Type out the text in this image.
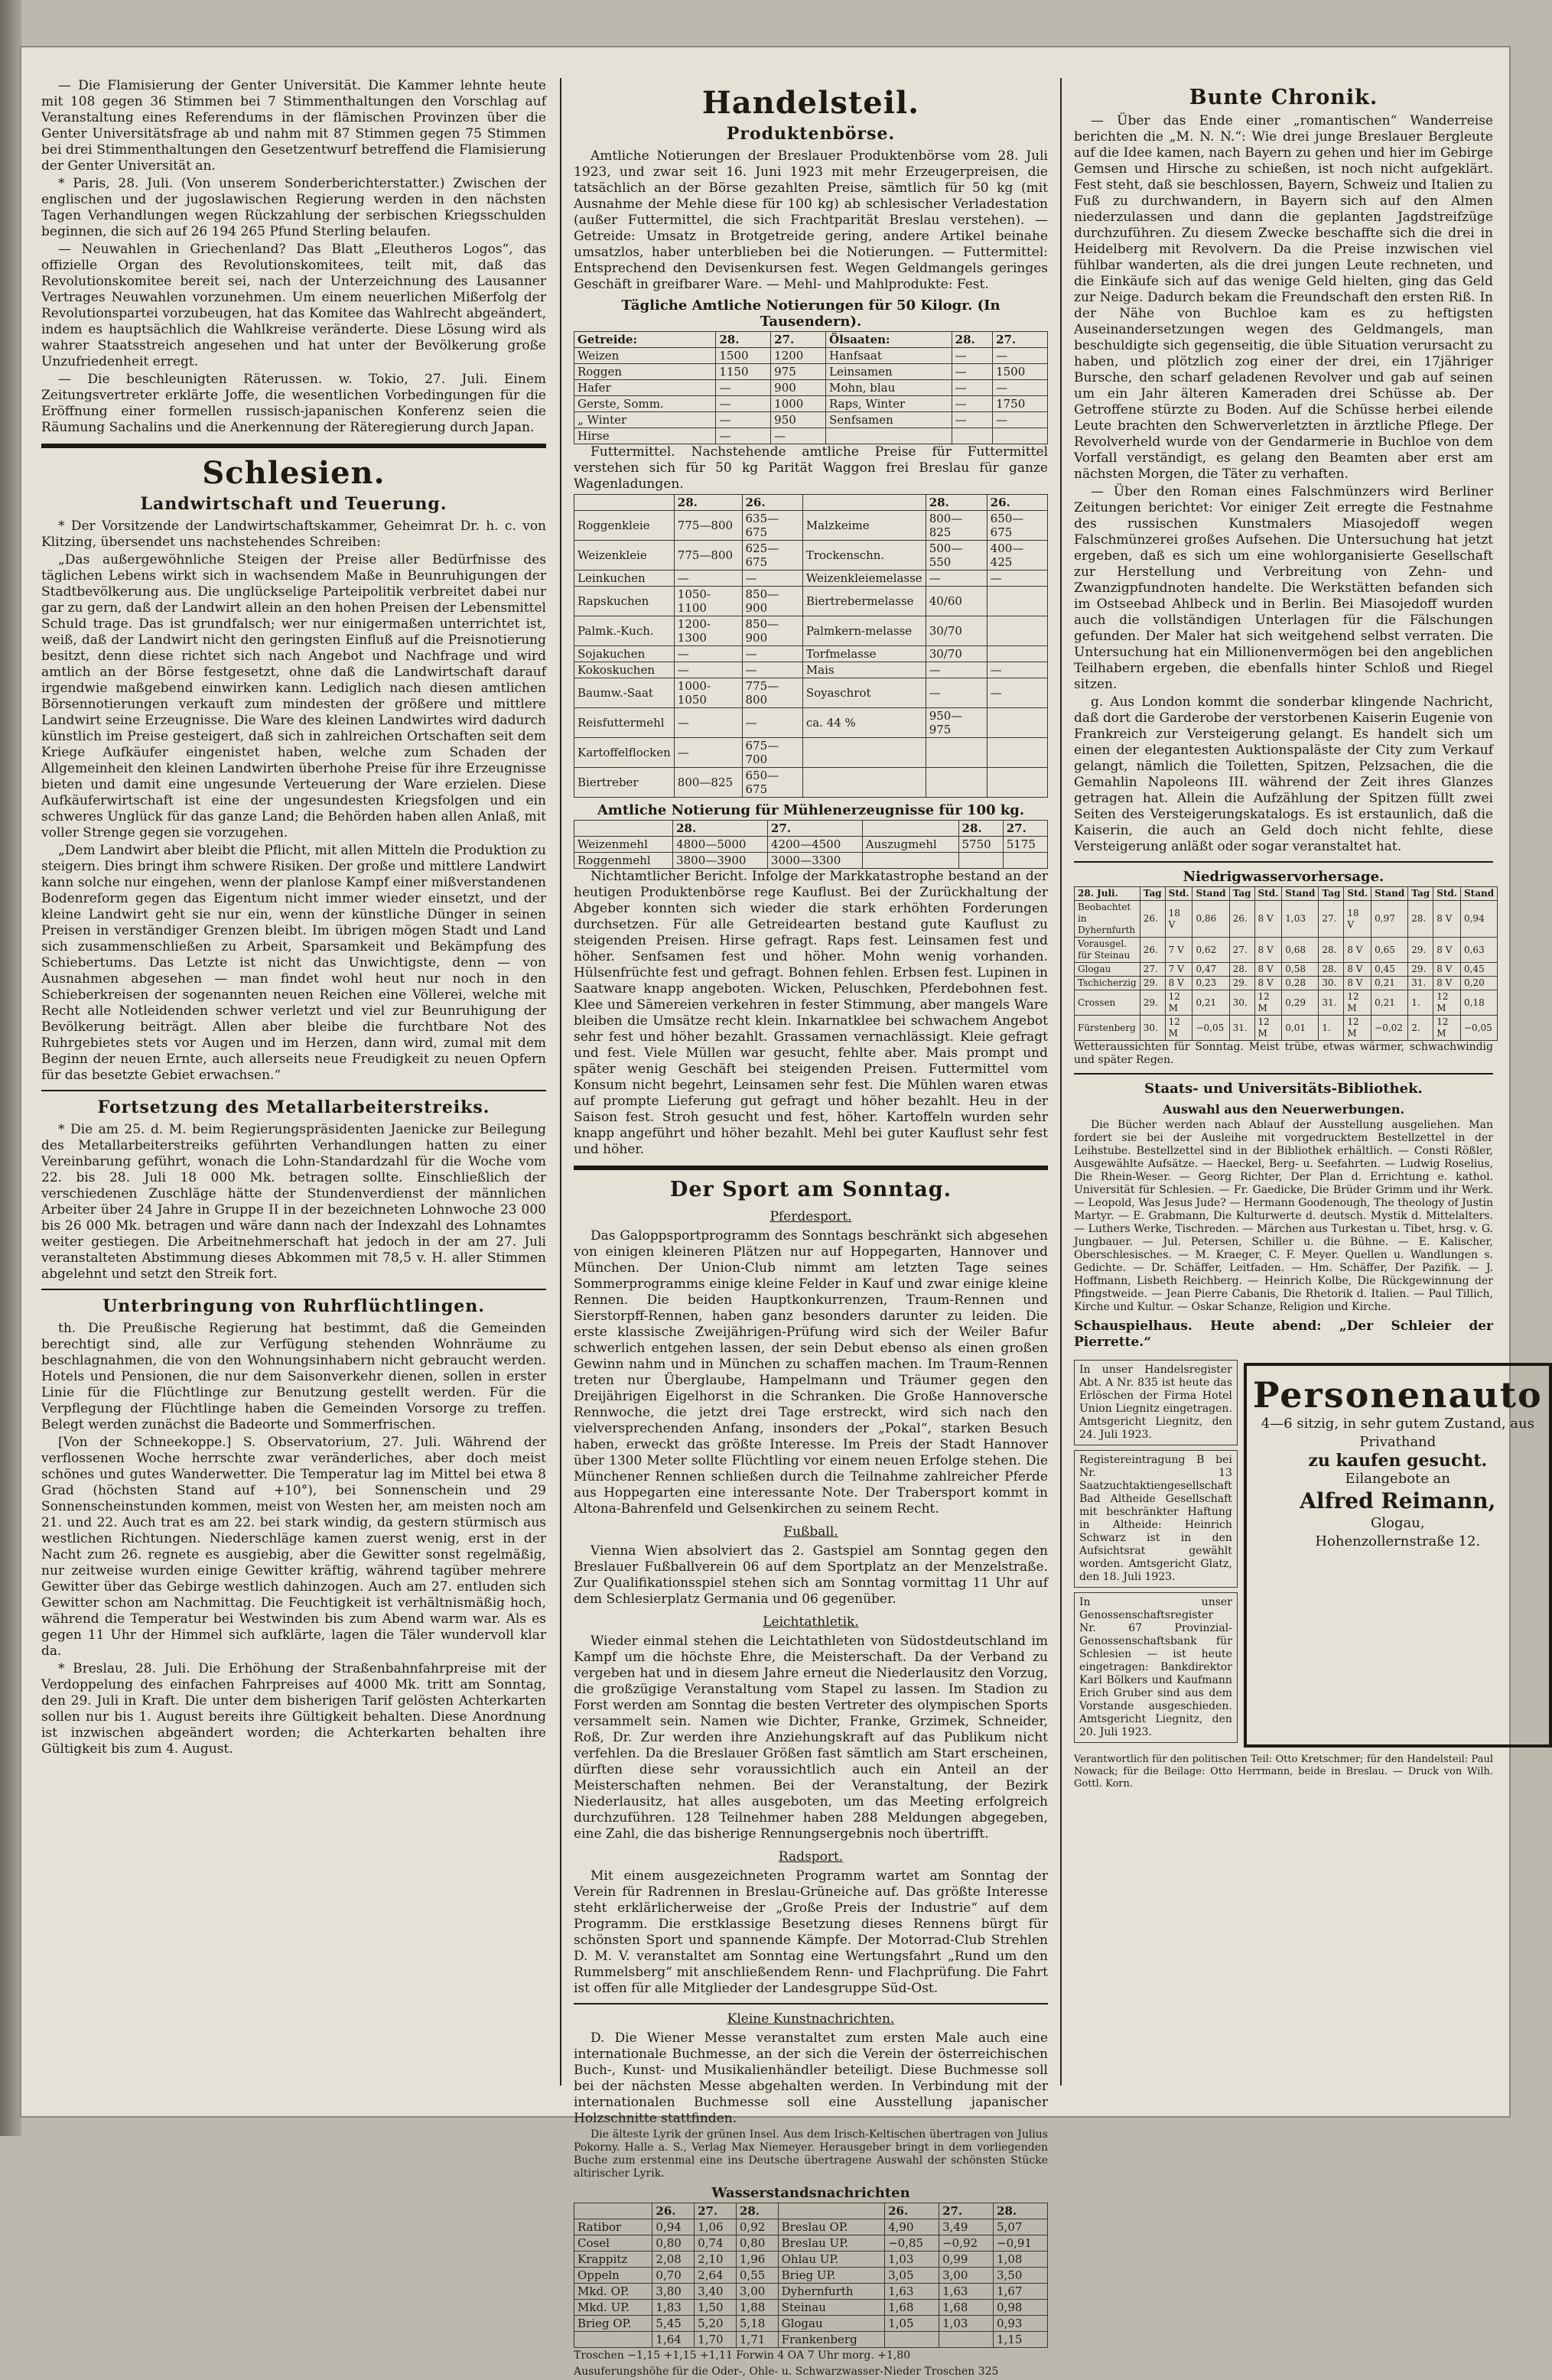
— Die Flamisierung der Genter Universität. Die Kammer lehnte heute mit 108 gegen 36 Stimmen bei 7 Stimmenthaltungen den Vorschlag auf Veranstaltung eines Referendums in der flämischen Provinzen über die Genter Universitätsfrage ab und nahm mit 87 Stimmen gegen 75 Stimmen bei drei Stimmenthaltungen den Gesetzentwurf betreffend die Flamisierung der Genter Universität an.

* Paris, 28. Juli. (Von unserem Sonderberichterstatter.) Zwischen der englischen und der jugoslawischen Regierung werden in den nächsten Tagen Verhandlungen wegen Rückzahlung der serbischen Kriegsschulden beginnen, die sich auf 26 194 265 Pfund Sterling belaufen.

— Neuwahlen in Griechenland? Das Blatt „Eleutheros Logos“, das offizielle Organ des Revolutionskomitees, teilt mit, daß das Revolutionskomitee bereit sei, nach der Unterzeichnung des Lausanner Vertrages Neuwahlen vorzunehmen. Um einem neuerlichen Mißerfolg der Revolutionspartei vorzubeugen, hat das Komitee das Wahlrecht abgeändert, indem es hauptsächlich die Wahlkreise veränderte. Diese Lösung wird als wahrer Staatsstreich angesehen und hat unter der Bevölkerung große Unzufriedenheit erregt.

— Die beschleunigten Räterussen. w. Tokio, 27. Juli. Einem Zeitungsvertreter erklärte Joffe, die wesentlichen Vorbedingungen für die Eröffnung einer formellen russisch-japanischen Konferenz seien die Räumung Sachalins und die Anerkennung der Räteregierung durch Japan.

Schlesien.
Landwirtschaft und Teuerung.

* Der Vorsitzende der Landwirtschaftskammer, Geheimrat Dr. h. c. von Klitzing, übersendet uns nachstehendes Schreiben:

„Das außergewöhnliche Steigen der Preise aller Bedürfnisse des täglichen Lebens wirkt sich in wachsendem Maße in Beunruhigungen der Stadtbevölkerung aus. Die unglückselige Parteipolitik verbreitet dabei nur gar zu gern, daß der Landwirt allein an den hohen Preisen der Lebensmittel Schuld trage. Das ist grundfalsch; wer nur einigermaßen unterrichtet ist, weiß, daß der Landwirt nicht den geringsten Einfluß auf die Preisnotierung besitzt, denn diese richtet sich nach Angebot und Nachfrage und wird amtlich an der Börse festgesetzt, ohne daß die Landwirtschaft darauf irgendwie maßgebend einwirken kann. Lediglich nach diesen amtlichen Börsennotierungen verkauft zum mindesten der größere und mittlere Landwirt seine Erzeugnisse. Die Ware des kleinen Landwirtes wird dadurch künstlich im Preise gesteigert, daß sich in zahlreichen Ortschaften seit dem Kriege Aufkäufer eingenistet haben, welche zum Schaden der Allgemeinheit den kleinen Landwirten überhohe Preise für ihre Erzeugnisse bieten und damit eine ungesunde Verteuerung der Ware erzielen. Diese Aufkäuferwirtschaft ist eine der ungesundesten Kriegsfolgen und ein schweres Unglück für das ganze Land; die Behörden haben allen Anlaß, mit voller Strenge gegen sie vorzugehen.

„Dem Landwirt aber bleibt die Pflicht, mit allen Mitteln die Produktion zu steigern. Dies bringt ihm schwere Risiken. Der große und mittlere Landwirt kann solche nur eingehen, wenn der planlose Kampf einer mißverstandenen Bodenreform gegen das Eigentum nicht immer wieder einsetzt, und der kleine Landwirt geht sie nur ein, wenn der künstliche Dünger in seinen Preisen in verständiger Grenzen bleibt. Im übrigen mögen Stadt und Land sich zusammenschließen zu Arbeit, Sparsamkeit und Bekämpfung des Schiebertums. Das Letzte ist nicht das Unwichtigste, denn — von Ausnahmen abgesehen — man findet wohl heut nur noch in den Schieberkreisen der sogenannten neuen Reichen eine Völlerei, welche mit Recht alle Notleidenden schwer verletzt und viel zur Beunruhigung der Bevölkerung beiträgt. Allen aber bleibe die furchtbare Not des Ruhrgebietes stets vor Augen und im Herzen, dann wird, zumal mit dem Beginn der neuen Ernte, auch allerseits neue Freudigkeit zu neuen Opfern für das besetzte Gebiet erwachsen.“

Fortsetzung des Metallarbeiterstreiks.

* Die am 25. d. M. beim Regierungspräsidenten Jaenicke zur Beilegung des Metallarbeiterstreiks geführten Verhandlungen hatten zu einer Vereinbarung geführt, wonach die Lohn-Standardzahl für die Woche vom 22. bis 28. Juli 18 000 Mk. betragen sollte. Einschließlich der verschiedenen Zuschläge hätte der Stundenverdienst der männlichen Arbeiter über 24 Jahre in Gruppe II in der bezeichneten Lohnwoche 23 000 bis 26 000 Mk. betragen und wäre dann nach der Indexzahl des Lohnamtes weiter gestiegen. Die Arbeitnehmerschaft hat jedoch in der am 27. Juli veranstalteten Abstimmung dieses Abkommen mit 78,5 v. H. aller Stimmen abgelehnt und setzt den Streik fort.

Unterbringung von Ruhrflüchtlingen.

th. Die Preußische Regierung hat bestimmt, daß die Gemeinden berechtigt sind, alle zur Verfügung stehenden Wohnräume zu beschlagnahmen, die von den Wohnungsinhabern nicht gebraucht werden. Hotels und Pensionen, die nur dem Saisonverkehr dienen, sollen in erster Linie für die Flüchtlinge zur Benutzung gestellt werden. Für die Verpflegung der Flüchtlinge haben die Gemeinden Vorsorge zu treffen. Belegt werden zunächst die Badeorte und Sommerfrischen.

[Von der Schneekoppe.] S. Observatorium, 27. Juli. Während der verflossenen Woche herrschte zwar veränderliches, aber doch meist schönes und gutes Wanderwetter. Die Temperatur lag im Mittel bei etwa 8 Grad (höchsten Stand auf +10°), bei Sonnenschein und 29 Sonnenscheinstunden kommen, meist von Westen her, am meisten noch am 21. und 22. Auch trat es am 22. bei stark windig, da gestern stürmisch aus westlichen Richtungen. Niederschläge kamen zuerst wenig, erst in der Nacht zum 26. regnete es ausgiebig, aber die Gewitter sonst regelmäßig, nur zeitweise wurden einige Gewitter kräftig, während tagüber mehrere Gewitter über das Gebirge westlich dahinzogen. Auch am 27. entluden sich Gewitter schon am Nachmittag. Die Feuchtigkeit ist verhältnismäßig hoch, während die Temperatur bei Westwinden bis zum Abend warm war. Als es gegen 11 Uhr der Himmel sich aufklärte, lagen die Täler wundervoll klar da.

* Breslau, 28. Juli. Die Erhöhung der Straßenbahnfahrpreise mit der Verdoppelung des einfachen Fahrpreises auf 4000 Mk. tritt am Sonntag, den 29. Juli in Kraft. Die unter dem bisherigen Tarif gelösten Achterkarten sollen nur bis 1. August bereits ihre Gültigkeit behalten. Diese Anordnung ist inzwischen abgeändert worden; die Achterkarten behalten ihre Gültigkeit bis zum 4. August.

Handelsteil.
Produktenbörse.

Amtliche Notierungen der Breslauer Produktenbörse vom 28. Juli 1923, und zwar seit 16. Juni 1923 mit mehr Erzeugerpreisen, die tatsächlich an der Börse gezahlten Preise, sämtlich für 50 kg (mit Ausnahme der Mehle diese für 100 kg) ab schlesischer Verladestation (außer Futtermittel, die sich Frachtparität Breslau verstehen). — Getreide: Umsatz in Brotgetreide gering, andere Artikel beinahe umsatzlos, haber unterblieben bei die Notierungen. — Futtermittel: Entsprechend den Devisenkursen fest. Wegen Geldmangels geringes Geschäft in greifbarer Ware. — Mehl- und Mahlprodukte: Fest.

Tägliche Amtliche Notierungen für 50 Kilogr. (In Tausendern).
Getreide:	28.	27.	Ölsaaten:	28.	27.
Weizen	1500	1200	Hanfsaat	—	—
Roggen	1150	975	Leinsamen	—	1500
Hafer	—	900	Mohn, blau	—	—
Gerste, Somm.	—	1000	Raps, Winter	—	1750
„ Winter	—	950	Senfsamen	—	—
Hirse	—	—			

Futtermittel. Nachstehende amtliche Preise für Futtermittel verstehen sich für 50 kg Parität Waggon frei Breslau für ganze Wagenladungen.

	28.	26.		28.	26.
Roggenkleie	775—800	635—675	Malzkeime	800—825	650—675
Weizenkleie	775—800	625—675	Trockenschn.	500—550	400—425
Leinkuchen	—	—	Weizenkleiemelasse	—	—
Rapskuchen	1050-1100	850—900	Biertrebermelasse	40/60	
Palmk.-Kuch.	1200-1300	850—900	Palmkern-melasse	30/70	
Sojakuchen	—	—	Torfmelasse	30/70	
Kokoskuchen	—	—	Mais	—	—
Baumw.-Saat	1000-1050	775—800	Soyaschrot	—	—
Reisfuttermehl	—	—	ca. 44 %	950—975	
Kartoffelflocken	—	675—700			
Biertreber	800—825	650—675			
Amtliche Notierung für Mühlenerzeugnisse für 100 kg.
	28.	27.		28.	27.
Weizenmehl	4800—5000	4200—4500	Auszugmehl	5750	5175
Roggenmehl	3800—3900	3000—3300			

Nichtamtlicher Bericht. Infolge der Markkatastrophe bestand an der heutigen Produktenbörse rege Kauflust. Bei der Zurückhaltung der Abgeber konnten sich wieder die stark erhöhten Forderungen durchsetzen. Für alle Getreidearten bestand gute Kauflust zu steigenden Preisen. Hirse gefragt. Raps fest. Leinsamen fest und höher. Senfsamen fest und höher. Mohn wenig vorhanden. Hülsenfrüchte fest und gefragt. Bohnen fehlen. Erbsen fest. Lupinen in Saatware knapp angeboten. Wicken, Peluschken, Pferdebohnen fest. Klee und Sämereien verkehren in fester Stimmung, aber mangels Ware bleiben die Umsätze recht klein. Inkarnatklee bei schwachem Angebot sehr fest und höher bezahlt. Grassamen vernachlässigt. Kleie gefragt und fest. Viele Müllen war gesucht, fehlte aber. Mais prompt und später wenig Geschäft bei steigenden Preisen. Futtermittel vom Konsum nicht begehrt, Leinsamen sehr fest. Die Mühlen waren etwas auf prompte Lieferung gut gefragt und höher bezahlt. Heu in der Saison fest. Stroh gesucht und fest, höher. Kartoffeln wurden sehr knapp angeführt und höher bezahlt. Mehl bei guter Kauflust sehr fest und höher.

Der Sport am Sonntag.
Pferdesport.

Das Galoppsportprogramm des Sonntags beschränkt sich abgesehen von einigen kleineren Plätzen nur auf Hoppegarten, Hannover und München. Der Union-Club nimmt am letzten Tage seines Sommerprogramms einige kleine Felder in Kauf und zwar einige kleine Rennen. Die beiden Hauptkonkurrenzen, Traum-Rennen und Sierstorpff-Rennen, haben ganz besonders darunter zu leiden. Die erste klassische Zweijährigen-Prüfung wird sich der Weiler Bafur schwerlich entgehen lassen, der sein Debut ebenso als einen großen Gewinn nahm und in München zu schaffen machen. Im Traum-Rennen treten nur Überglaube, Hampelmann und Träumer gegen den Dreijährigen Eigelhorst in die Schranken. Die Große Hannoversche Rennwoche, die jetzt drei Tage erstreckt, wird sich nach den vielversprechenden Anfang, insonders der „Pokal“, starken Besuch haben, erweckt das größte Interesse. Im Preis der Stadt Hannover über 1300 Meter sollte Flüchtling vor einem neuen Erfolge stehen. Die Münchener Rennen schließen durch die Teilnahme zahlreicher Pferde aus Hoppegarten eine interessante Note. Der Trabersport kommt in Altona-Bahrenfeld und Gelsenkirchen zu seinem Recht.

Fußball.

Vienna Wien absolviert das 2. Gastspiel am Sonntag gegen den Breslauer Fußballverein 06 auf dem Sportplatz an der Menzelstraße. Zur Qualifikationsspiel stehen sich am Sonntag vormittag 11 Uhr auf dem Schlesierplatz Germania und 06 gegenüber.

Leichtathletik.

Wieder einmal stehen die Leichtathleten von Südostdeutschland im Kampf um die höchste Ehre, die Meisterschaft. Da der Verband zu vergeben hat und in diesem Jahre erneut die Niederlausitz den Vorzug, die großzügige Veranstaltung vom Stapel zu lassen. Im Stadion zu Forst werden am Sonntag die besten Vertreter des olympischen Sports versammelt sein. Namen wie Dichter, Franke, Grzimek, Schneider, Roß, Dr. Zur werden ihre Anziehungskraft auf das Publikum nicht verfehlen. Da die Breslauer Größen fast sämtlich am Start erscheinen, dürften diese sehr voraussichtlich auch ein Anteil an der Meisterschaften nehmen. Bei der Veranstaltung, der Bezirk Niederlausitz, hat alles ausgeboten, um das Meeting erfolgreich durchzuführen. 128 Teilnehmer haben 288 Meldungen abgegeben, eine Zahl, die das bisherige Rennungsergebnis noch übertrifft.

Radsport.

Mit einem ausgezeichneten Programm wartet am Sonntag der Verein für Radrennen in Breslau-Grüneiche auf. Das größte Interesse steht erklärlicherweise der „Große Preis der Industrie“ auf dem Programm. Die erstklassige Besetzung dieses Rennens bürgt für schönsten Sport und spannende Kämpfe. Der Motorrad-Club Strehlen D. M. V. veranstaltet am Sonntag eine Wertungsfahrt „Rund um den Rummelsberg“ mit anschließendem Renn- und Flachprüfung. Die Fahrt ist offen für alle Mitglieder der Landesgruppe Süd-Ost.

Kleine Kunstnachrichten.

D. Die Wiener Messe veranstaltet zum ersten Male auch eine internationale Buchmesse, an der sich die Verein der österreichischen Buch-, Kunst- und Musikalienhändler beteiligt. Diese Buchmesse soll bei der nächsten Messe abgehalten werden. In Verbindung mit der internationalen Buchmesse soll eine Ausstellung japanischer Holzschnitte stattfinden.

Die älteste Lyrik der grünen Insel. Aus dem Irisch-Keltischen übertragen von Julius Pokorny. Halle a. S., Verlag Max Niemeyer. Herausgeber bringt in dem vorliegenden Buche zum erstenmal eine ins Deutsche übertragene Auswahl der schönsten Stücke altirischer Lyrik.

Wasserstandsnachrichten
	26.	27.	28.		26.	27.	28.
Ratibor	0,94	1,06	0,92	Breslau OP.	4,90	3,49	5,07
Cosel	0,80	0,74	0,80	Breslau UP.	−0,85	−0,92	−0,91
Krappitz	2,08	2,10	1,96	Ohlau UP.	1,03	0,99	1,08
Oppeln	0,70	2,64	0,55	Brieg UP.	3,05	3,00	3,50
Mkd. OP.	3,80	3,40	3,00	Dyhernfurth	1,63	1,63	1,67
Mkd. UP.	1,83	1,50	1,88	Steinau	1,68	1,68	0,98
Brieg OP.	5,45	5,20	5,18	Glogau	1,05	1,03	0,93
	1,64	1,70	1,71	Frankenberg			1,15
Troschen −1,15 +1,15 +1,11 Forwin 4 OA 7 Uhr morg. +1,80
Ausuferungshöhe für die Oder-, Ohle- u. Schwarzwasser-Nieder Troschen 325
Bunte Chronik.

— Über das Ende einer „romantischen“ Wanderreise berichten die „M. N. N.“: Wie drei junge Breslauer Bergleute auf die Idee kamen, nach Bayern zu gehen und hier im Gebirge Gemsen und Hirsche zu schießen, ist noch nicht aufgeklärt. Fest steht, daß sie beschlossen, Bayern, Schweiz und Italien zu Fuß zu durchwandern, in Bayern sich auf den Almen niederzulassen und dann die geplanten Jagdstreifzüge durchzuführen. Zu diesem Zwecke beschaffte sich die drei in Heidelberg mit Revolvern. Da die Preise inzwischen viel fühlbar wanderten, als die drei jungen Leute rechneten, und die Einkäufe sich auf das wenige Geld hielten, ging das Geld zur Neige. Dadurch bekam die Freundschaft den ersten Riß. In der Nähe von Buchloe kam es zu heftigsten Auseinandersetzungen wegen des Geldmangels, man beschuldigte sich gegenseitig, die üble Situation verursacht zu haben, und plötzlich zog einer der drei, ein 17jähriger Bursche, den scharf geladenen Revolver und gab auf seinen um ein Jahr älteren Kameraden drei Schüsse ab. Der Getroffene stürzte zu Boden. Auf die Schüsse herbei eilende Leute brachten den Schwerverletzten in ärztliche Pflege. Der Revolverheld wurde von der Gendarmerie in Buchloe von dem Vorfall verständigt, es gelang den Beamten aber erst am nächsten Morgen, die Täter zu verhaften.

— Über den Roman eines Falschmünzers wird Berliner Zeitungen berichtet: Vor einiger Zeit erregte die Festnahme des russischen Kunstmalers Miasojedoff wegen Falschmünzerei großes Aufsehen. Die Untersuchung hat jetzt ergeben, daß es sich um eine wohlorganisierte Gesellschaft zur Herstellung und Verbreitung von Zehn- und Zwanzigpfundnoten handelte. Die Werkstätten befanden sich im Ostseebad Ahlbeck und in Berlin. Bei Miasojedoff wurden auch die vollständigen Unterlagen für die Fälschungen gefunden. Der Maler hat sich weitgehend selbst verraten. Die Untersuchung hat ein Millionenvermögen bei den angeblichen Teilhabern ergeben, die ebenfalls hinter Schloß und Riegel sitzen.

g. Aus London kommt die sonderbar klingende Nachricht, daß dort die Garderobe der verstorbenen Kaiserin Eugenie von Frankreich zur Versteigerung gelangt. Es handelt sich um einen der elegantesten Auktionspaläste der City zum Verkauf gelangt, nämlich die Toiletten, Spitzen, Pelzsachen, die die Gemahlin Napoleons III. während der Zeit ihres Glanzes getragen hat. Allein die Aufzählung der Spitzen füllt zwei Seiten des Versteigerungskatalogs. Es ist erstaunlich, daß die Kaiserin, die auch an Geld doch nicht fehlte, diese Versteigerung anläßt oder sogar veranstaltet hat.

Niedrigwasservorhersage.
28. Juli.	Tag	Std.	Stand	Tag	Std.	Stand	Tag	Std.	Stand	Tag	Std.	Stand
Beobachtet in Dyhernfurth	26.	18 V	0,86	26.	8 V	1,03	27.	18 V	0,97	28.	8 V	0,94
Vorausgel. für Steinau	26.	7 V	0,62	27.	8 V	0,68	28.	8 V	0,65	29.	8 V	0,63
Glogau	27.	7 V	0,47	28.	8 V	0,58	28.	8 V	0,45	29.	8 V	0,45
Tschicherzig	29.	8 V	0,23	29.	8 V	0,28	30.	8 V	0,21	31.	8 V	0,20
Crossen	29.	12 M	0,21	30.	12 M	0,29	31.	12 M	0,21	1.	12 M	0,18
Fürstenberg	30.	12 M	−0,05	31.	12 M	0,01	1.	12 M	−0,02	2.	12 M	−0,05

Wetteraussichten für Sonntag. Meist trübe, etwas wärmer, schwachwindig und später Regen.

Staats- und Universitäts-Bibliothek.
Auswahl aus den Neuerwerbungen.

Die Bücher werden nach Ablauf der Ausstellung ausgeliehen. Man fordert sie bei der Ausleihe mit vorgedrucktem Bestellzettel in der Leihstube. Bestellzettel sind in der Bibliothek erhältlich. — Consti Rößler, Ausgewählte Aufsätze. — Haeckel, Berg- u. Seefahrten. — Ludwig Roselius, Die Rhein-Weser. — Georg Richter, Der Plan d. Errichtung e. kathol. Universität für Schlesien. — Fr. Gaedicke, Die Brüder Grimm und ihr Werk. — Leopold, Was Jesus Jude? — Hermann Goodenough, The theology of Justin Martyr. — E. Grabmann, Die Kulturwerte d. deutsch. Mystik d. Mittelalters. — Luthers Werke, Tischreden. — Märchen aus Turkestan u. Tibet, hrsg. v. G. Jungbauer. — Jul. Petersen, Schiller u. die Bühne. — E. Kalischer, Oberschlesisches. — M. Kraeger, C. F. Meyer. Quellen u. Wandlungen s. Gedichte. — Dr. Schäffer, Leitfaden. — Hm. Schäffer, Der Pazifik. — J. Hoffmann, Lisbeth Reichberg. — Heinrich Kolbe, Die Rückgewinnung der Pfingstweide. — Jean Pierre Cabanis, Die Rhetorik d. Italien. — Paul Tillich, Kirche und Kultur. — Oskar Schanze, Religion und Kirche.

Schauspielhaus. Heute abend: „Der Schleier der Pierrette.“
In unser Handelsregister Abt. A Nr. 835 ist heute das Erlöschen der Firma Hotel Union Liegnitz eingetragen. Amtsgericht Liegnitz, den 24. Juli 1923.
Registereintragung B bei Nr. 13 Saatzuchtaktiengesellschaft Bad Altheide Gesellschaft mit beschränkter Haftung in Altheide: Heinrich Schwarz ist in den Aufsichtsrat gewählt worden. Amtsgericht Glatz, den 18. Juli 1923.
In unser Genossenschaftsregister Nr. 67 Provinzial-Genossenschaftsbank für Schlesien — ist heute eingetragen: Bankdirektor Karl Bölkers und Kaufmann Erich Gruber sind aus dem Vorstande ausgeschieden. Amtsgericht Liegnitz, den 20. Juli 1923.
Personenauto
4—6 sitzig, in sehr gutem Zustand, aus Privathand
zu kaufen gesucht.
Eilangebote an
Alfred Reimann,
Glogau,
Hohenzollernstraße 12.

Verantwortlich für den politischen Teil: Otto Kretschmer; für den Handelsteil: Paul Nowack; für die Beilage: Otto Herrmann, beide in Breslau. — Druck von Wilh. Gottl. Korn.
